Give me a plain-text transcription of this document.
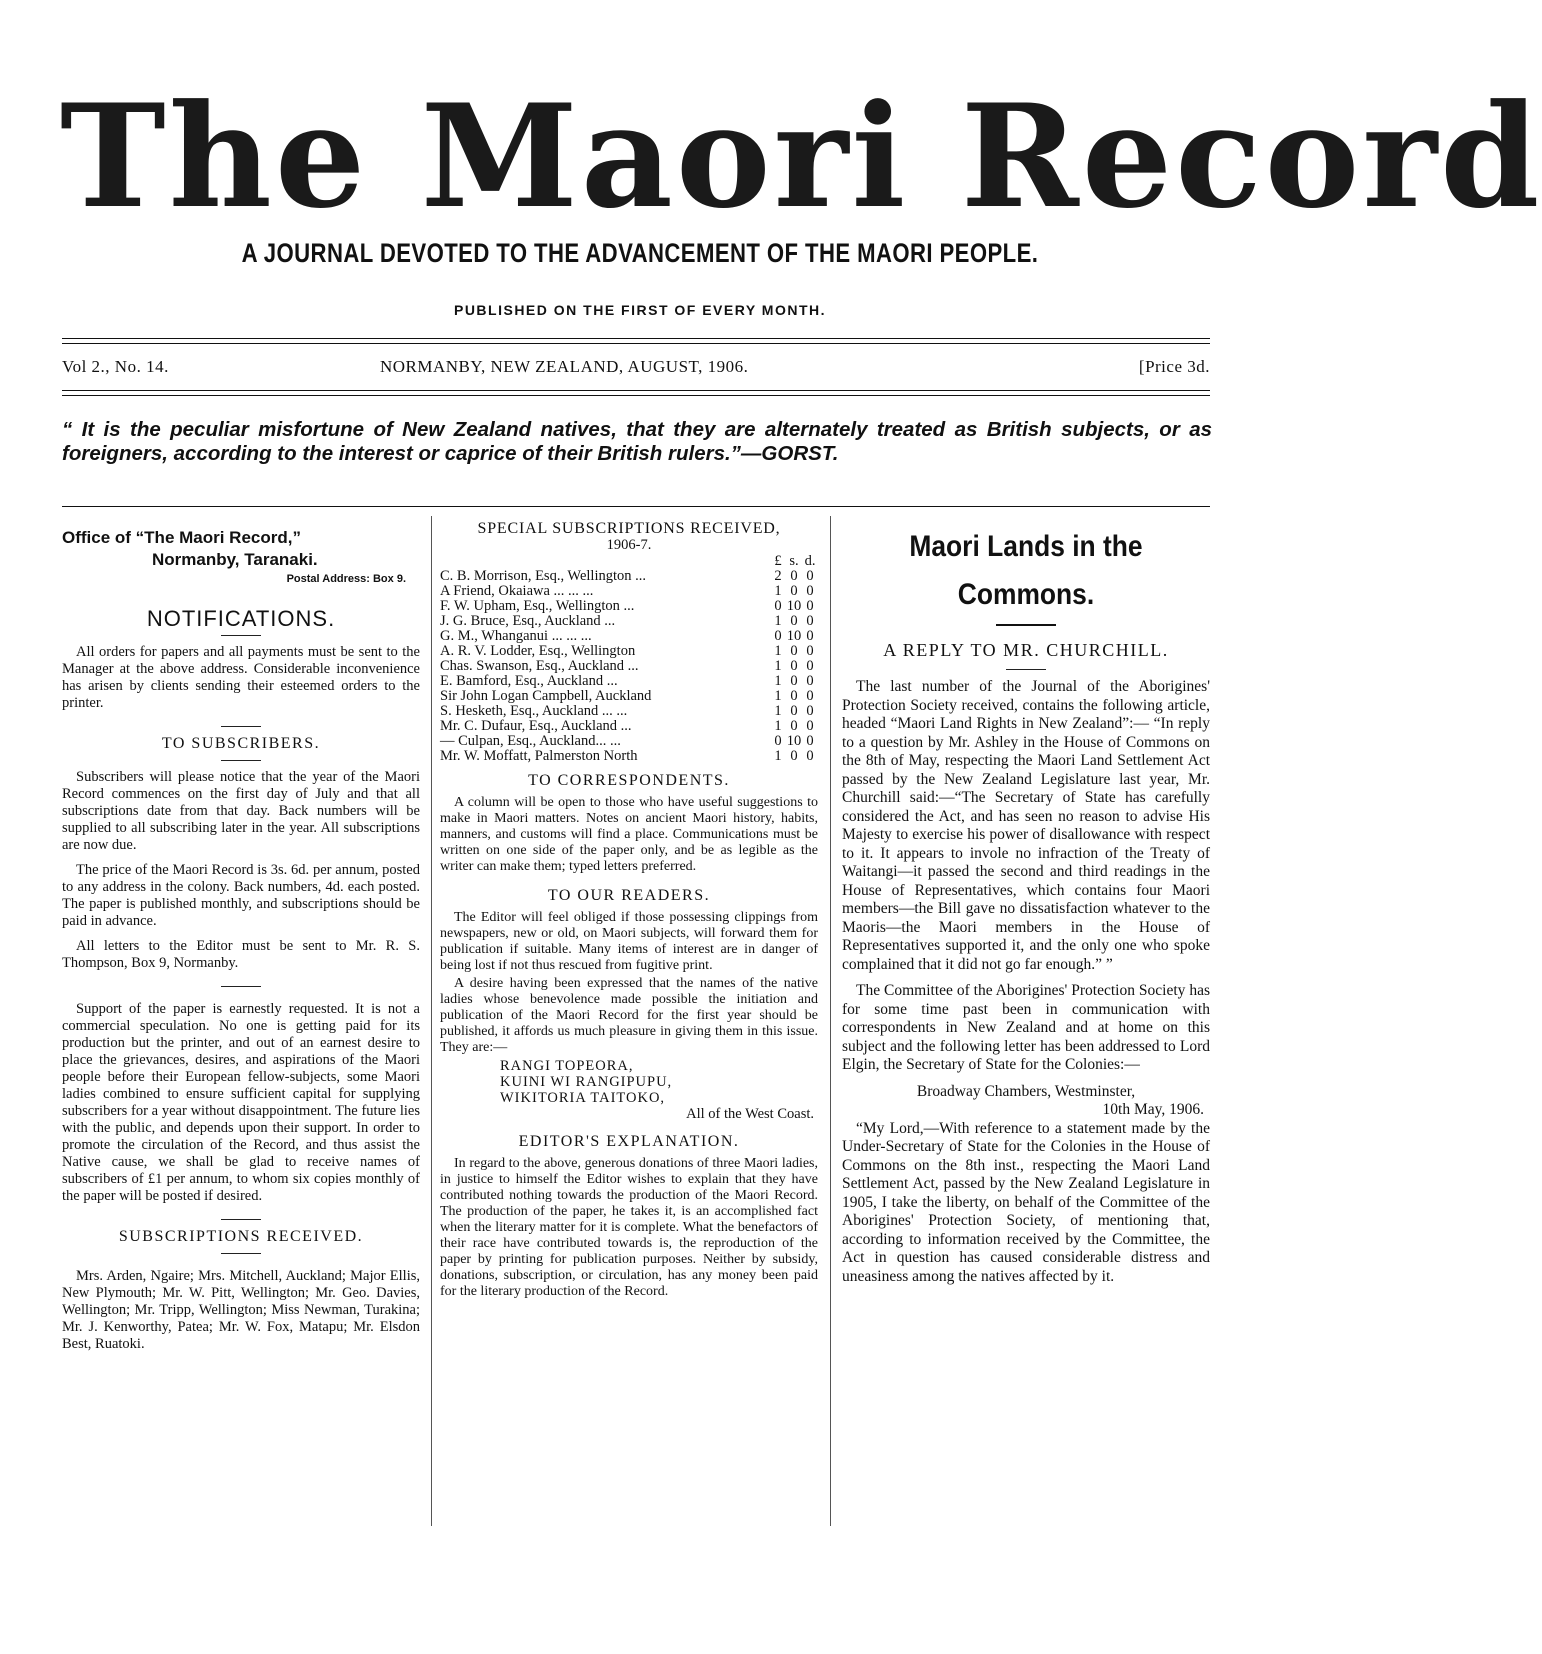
The Maori Record
A JOURNAL DEVOTED TO THE ADVANCEMENT OF THE MAORI PEOPLE.
PUBLISHED ON THE FIRST OF EVERY MONTH.
Vol 2., No. 14.	NORMANBY, NEW ZEALAND, AUGUST, 1906.	[Price 3d.
“ It is the peculiar misfortune of New Zealand natives, that they are alternately treated as British subjects, or as foreigners, according to the interest or caprice of their British rulers.”—GORST.
Office of “The Maori Record,”
Normanby, Taranaki.
Postal Address: Box 9.
NOTIFICATIONS.

All orders for papers and all payments must be sent to the Manager at the above address. Considerable inconvenience has arisen by clients sending their esteemed orders to the printer.

TO SUBSCRIBERS.

Subscribers will please notice that the year of the Maori Record commences on the first day of July and that all subscriptions date from that day. Back numbers will be supplied to all subscribing later in the year. All subscriptions are now due.

The price of the Maori Record is 3s. 6d. per annum, posted to any address in the colony. Back numbers, 4d. each posted. The paper is published monthly, and subscriptions should be paid in advance.

All letters to the Editor must be sent to Mr. R. S. Thompson, Box 9, Normanby.

Support of the paper is earnestly requested. It is not a commercial speculation. No one is getting paid for its production but the printer, and out of an earnest desire to place the grievances, desires, and aspirations of the Maori people before their European fellow-subjects, some Maori ladies combined to ensure sufficient capital for supplying subscribers for a year without disappointment. The future lies with the public, and depends upon their support. In order to promote the circulation of the Record, and thus assist the Native cause, we shall be glad to receive names of subscribers of £1 per annum, to whom six copies monthly of the paper will be posted if desired.

SUBSCRIPTIONS RECEIVED.

Mrs. Arden, Ngaire; Mrs. Mitchell, Auckland; Major Ellis, New Plymouth; Mr. W. Pitt, Wellington; Mr. Geo. Davies, Wellington; Mr. Tripp, Wellington; Miss Newman, Turakina; Mr. J. Kenworthy, Patea; Mr. W. Fox, Matapu; Mr. Elsdon Best, Ruatoki.

SPECIAL SUBSCRIPTIONS RECEIVED,
1906-7.
	£	s.	d.
C. B. Morrison, Esq., Wellington ...	2	0	0
A Friend, Okaiawa ... ... ...	1	0	0
F. W. Upham, Esq., Wellington ...	0	10	0
J. G. Bruce, Esq., Auckland ...	1	0	0
G. M., Whanganui ... ... ...	0	10	0
A. R. V. Lodder, Esq., Wellington	1	0	0
Chas. Swanson, Esq., Auckland ...	1	0	0
E. Bamford, Esq., Auckland ...	1	0	0
Sir John Logan Campbell, Auckland	1	0	0
S. Hesketh, Esq., Auckland ... ...	1	0	0
Mr. C. Dufaur, Esq., Auckland ...	1	0	0
— Culpan, Esq., Auckland... ...	0	10	0
Mr. W. Moffatt, Palmerston North	1	0	0
TO CORRESPONDENTS.

A column will be open to those who have useful suggestions to make in Maori matters. Notes on ancient Maori history, habits, manners, and customs will find a place. Communications must be written on one side of the paper only, and be as legible as the writer can make them; typed letters preferred.

TO OUR READERS.

The Editor will feel obliged if those possessing clippings from newspapers, new or old, on Maori subjects, will forward them for publication if suitable. Many items of interest are in danger of being lost if not thus rescued from fugitive print.

A desire having been expressed that the names of the native ladies whose benevolence made possible the initiation and publication of the Maori Record for the first year should be published, it affords us much pleasure in giving them in this issue. They are:—

RANGI TOPEORA,
KUINI WI RANGIPUPU,
WIKITORIA TAITOKO,
All of the West Coast.
EDITOR'S EXPLANATION.

In regard to the above, generous donations of three Maori ladies, in justice to himself the Editor wishes to explain that they have contributed nothing towards the production of the Maori Record. The production of the paper, he takes it, is an accomplished fact when the literary matter for it is complete. What the benefactors of their race have contributed towards is, the reproduction of the paper by printing for publication purposes. Neither by subsidy, donations, subscription, or circulation, has any money been paid for the literary production of the Record.

Maori Lands in the
Commons.
A REPLY TO MR. CHURCHILL.

The last number of the Journal of the Aborigines' Protection Society received, contains the following article, headed “Maori Land Rights in New Zealand”:— “In reply to a question by Mr. Ashley in the House of Commons on the 8th of May, respecting the Maori Land Settlement Act passed by the New Zealand Legislature last year, Mr. Churchill said:—“The Secretary of State has carefully considered the Act, and has seen no reason to advise His Majesty to exercise his power of disallowance with respect to it. It appears to invole no infraction of the Treaty of Waitangi—it passed the second and third readings in the House of Representatives, which contains four Maori members—the Bill gave no dissatisfaction whatever to the Maoris—the Maori members in the House of Representatives supported it, and the only one who spoke complained that it did not go far enough.” ”

The Committee of the Aborigines' Protection Society has for some time past been in communication with correspondents in New Zealand and at home on this subject and the following letter has been addressed to Lord Elgin, the Secretary of State for the Colonies:—

Broadway Chambers, Westminster,
10th May, 1906.

“My Lord,—With reference to a statement made by the Under-Secretary of State for the Colonies in the House of Commons on the 8th inst., respecting the Maori Land Settlement Act, passed by the New Zealand Legislature in 1905, I take the liberty, on behalf of the Committee of the Aborigines' Protection Society, of mentioning that, according to information received by the Committee, the Act in question has caused considerable distress and uneasiness among the natives affected by it.
